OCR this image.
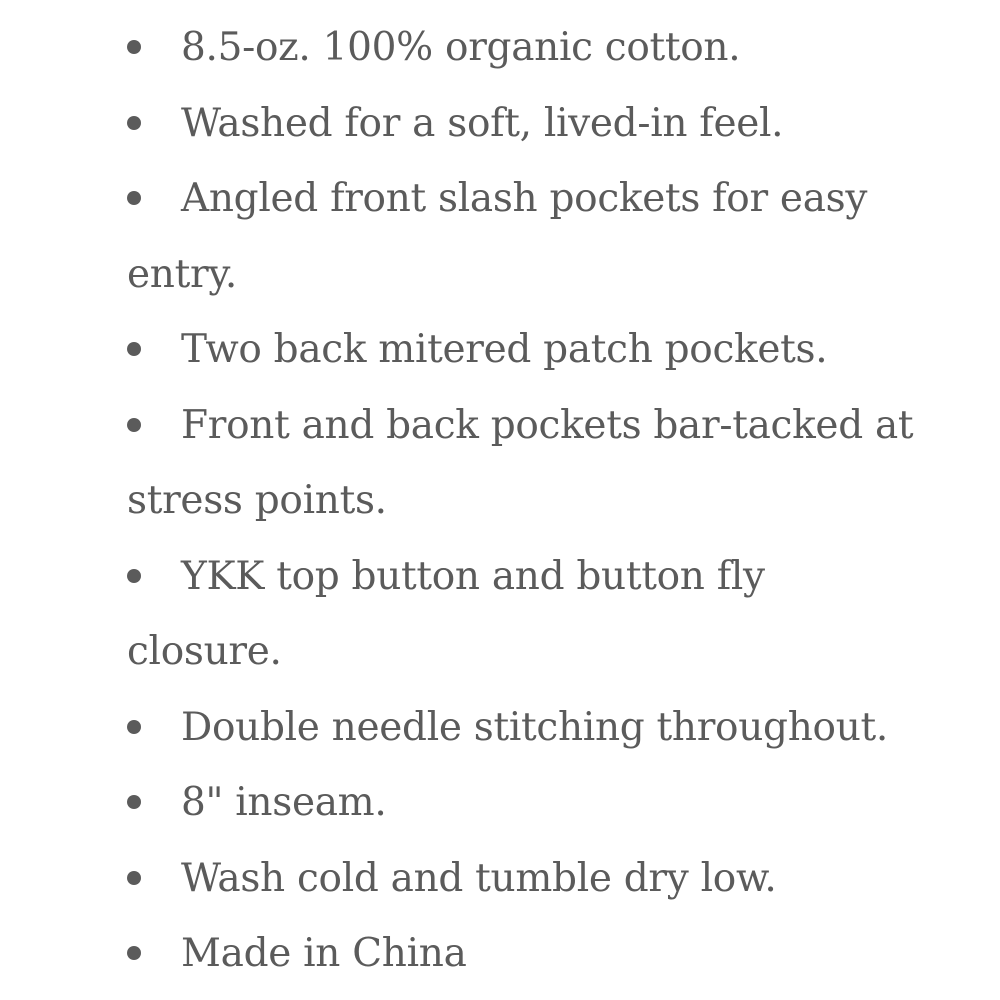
8.5-oz. 100% organic cotton.
Washed for a soft, lived-in feel.
Angled front slash pockets for easy entry.
Two back mitered patch pockets.
Front and back pockets bar-tacked at stress points.
YKK top button and button fly closure.
Double needle stitching throughout.
8" inseam.
Wash cold and tumble dry low.
Made in China
